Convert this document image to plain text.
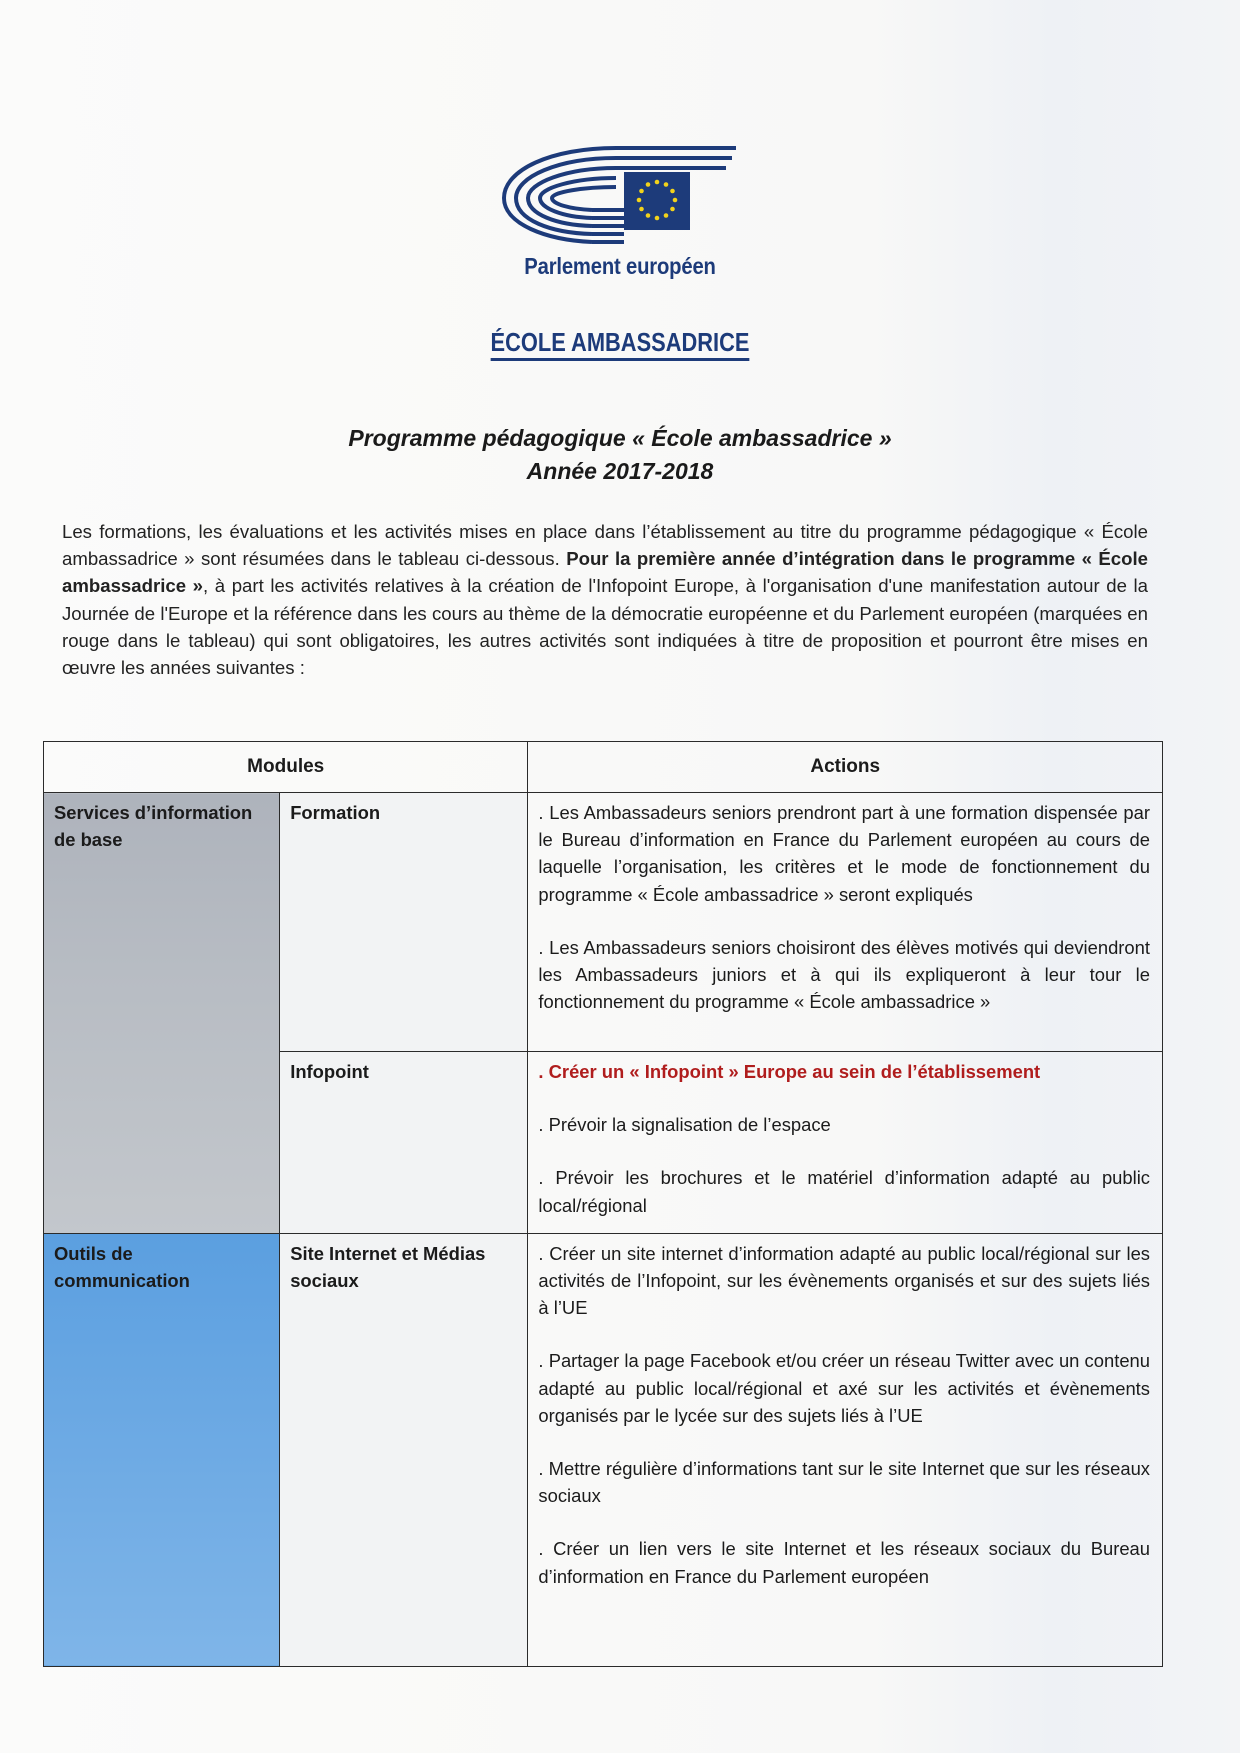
Parlement européen
ÉCOLE AMBASSADRICE
Programme pédagogique « École ambassadrice »
Année 2017-2018
Les formations, les évaluations et les activités mises en place dans l’établissement au titre du programme pédagogique « École ambassadrice » sont résumées dans le tableau ci-dessous. Pour la première année d’intégration dans le programme « École ambassadrice », à part les activités relatives à la création de l'Infopoint Europe, à l'organisation d'une manifestation autour de la Journée de l'Europe et la référence dans les cours au thème de la démocratie européenne et du Parlement européen (marquées en rouge dans le tableau) qui sont obligatoires, les autres activités sont indiquées à titre de proposition et pourront être mises en œuvre les années suivantes :
Modules		Actions
Services d’information de base	Formation	. Les Ambassadeurs seniors prendront part à une formation dispensée par le Bureau d’information en France du Parlement européen au cours de laquelle l’organisation, les critères et le mode de fonctionnement du programme « École ambassadrice » seront expliqués

. Les Ambassadeurs seniors choisiront des élèves motivés qui deviendront les Ambassadeurs juniors et à qui ils expliqueront à leur tour le fonctionnement du programme « École ambassadrice »

	Infopoint	. Créer un « Infopoint » Europe au sein de l’établissement

. Prévoir la signalisation de l’espace

. Prévoir les brochures et le matériel d’information adapté au public local/régional

Outils de communication	Site Internet et Médias sociaux	. Créer un site internet d’information adapté au public local/régional sur les activités de l’Infopoint, sur les évènements organisés et sur des sujets liés à l’UE

. Partager la page Facebook et/ou créer un réseau Twitter avec un contenu adapté au public local/régional et axé sur les activités et évènements organisés par le lycée sur des sujets liés à l’UE

. Mettre régulière d’informations tant sur le site Internet que sur les réseaux sociaux

. Créer un lien vers le site Internet et les réseaux sociaux du Bureau d’information en France du Parlement européen
